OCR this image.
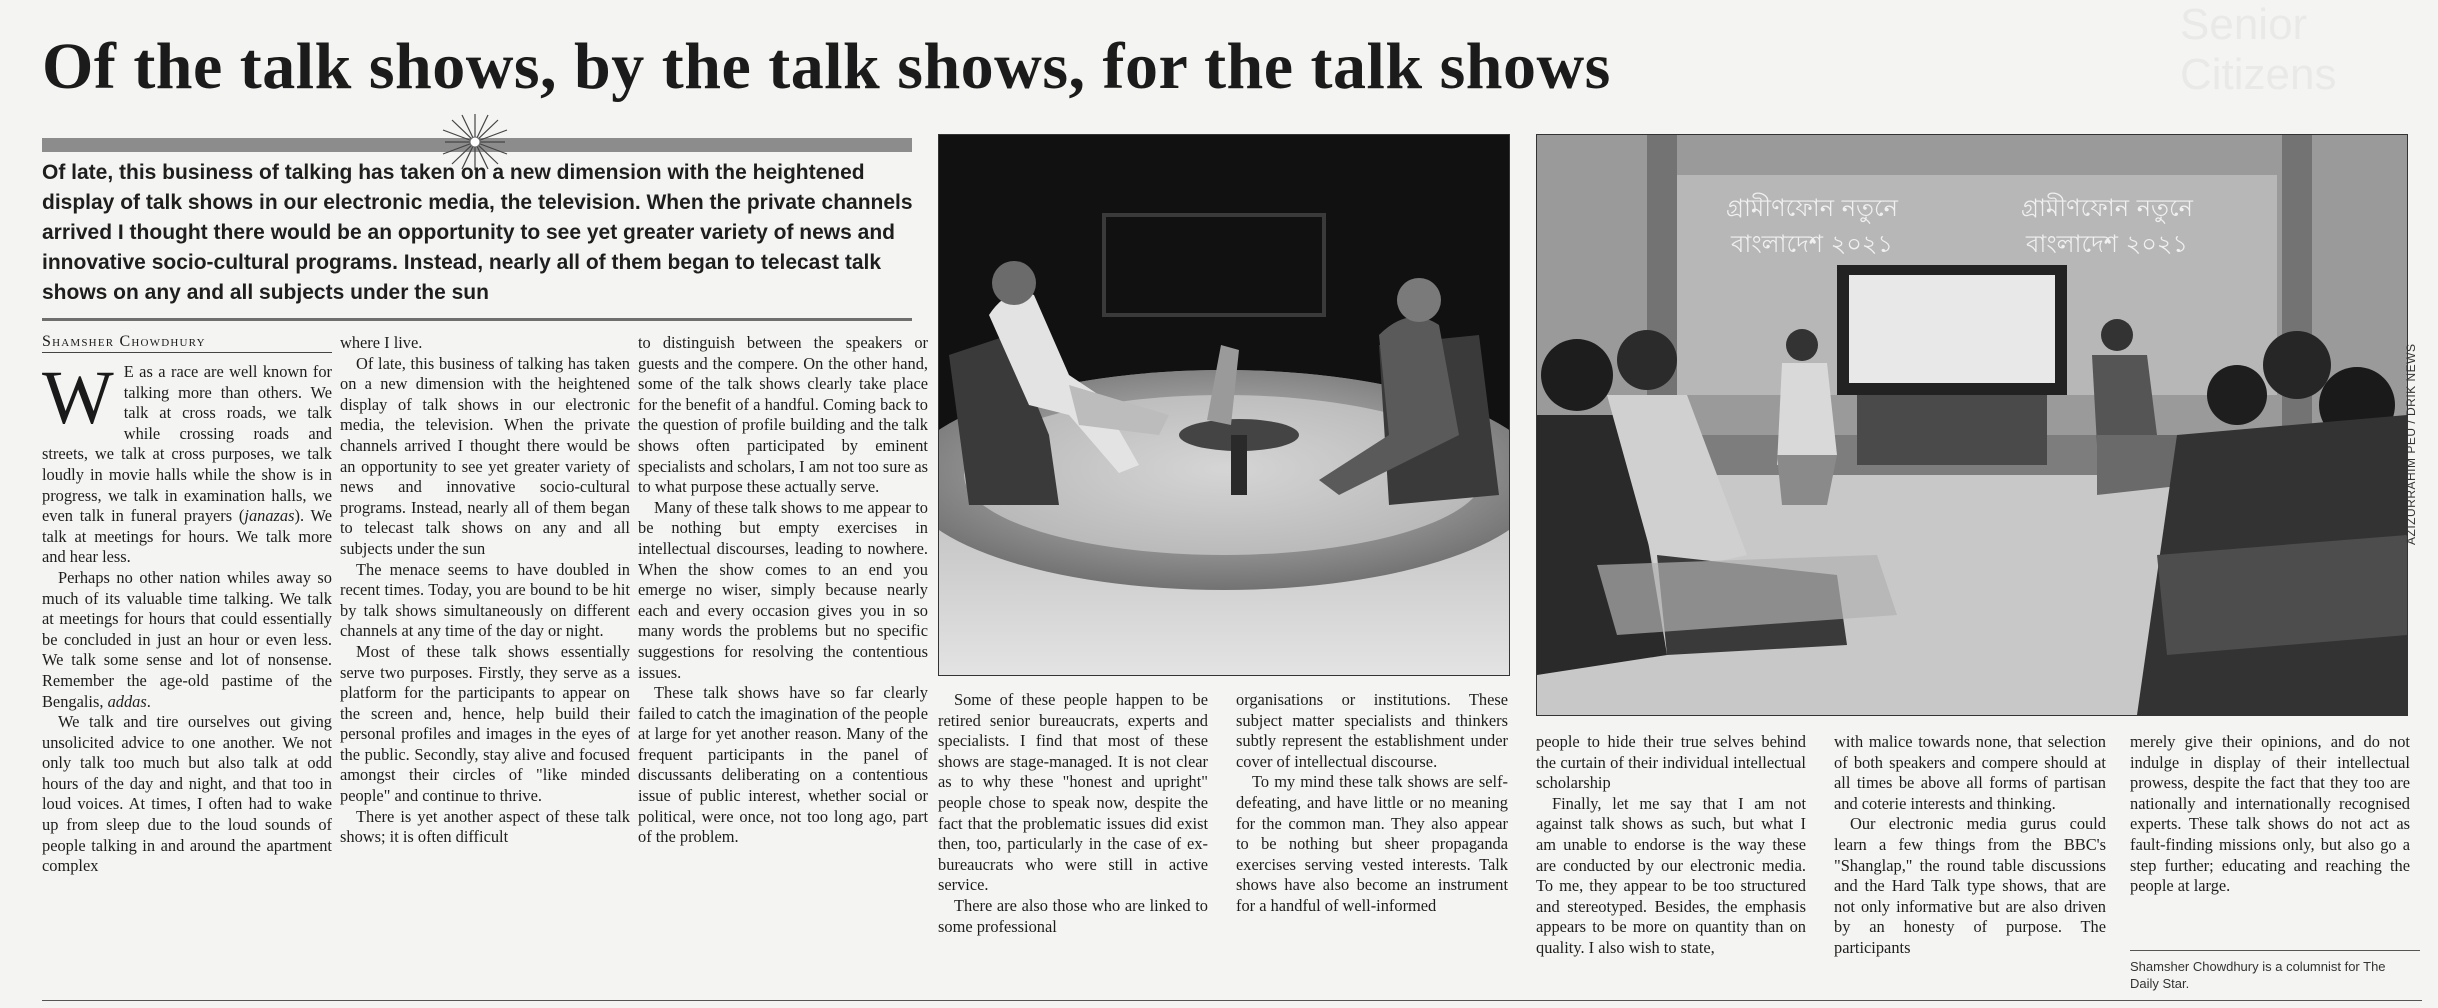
Senior Citizens
Of the talk shows, by the talk shows, for the talk shows
Of late, this business of talking has taken on a new dimension with the heightened display of talk shows in our electronic media, the television. When the private channels arrived I thought there would be an opportunity to see yet greater variety of news and innovative socio-cultural programs. Instead, nearly all of them began to telecast talk shows on any and all subjects under the sun
Shamsher Chowdhury

W E as a race are well known for talking more than others. We talk at cross roads, we talk while crossing roads and streets, we talk at cross purposes, we talk loudly in movie halls while the show is in progress, we talk in examination halls, we even talk in funeral prayers (janazas). We talk at meetings for hours. We talk more and hear less.

Perhaps no other nation whiles away so much of its valuable time talking. We talk at meetings for hours that could essentially be concluded in just an hour or even less. We talk some sense and lot of nonsense. Remember the age-old pastime of the Bengalis, addas.

We talk and tire ourselves out giving unsolicited advice to one another. We not only talk too much but also talk at odd hours of the day and night, and that too in loud voices. At times, I often had to wake up from sleep due to the loud sounds of people talking in and around the apartment complex

where I live.

Of late, this business of talking has taken on a new dimension with the heightened display of talk shows in our electronic media, the television. When the private channels arrived I thought there would be an opportunity to see yet greater variety of news and innovative socio-cultural programs. Instead, nearly all of them began to telecast talk shows on any and all subjects under the sun

The menace seems to have doubled in recent times. Today, you are bound to be hit by talk shows simultaneously on different channels at any time of the day or night.

Most of these talk shows essentially serve two purposes. Firstly, they serve as a platform for the participants to appear on the screen and, hence, help build their personal profiles and images in the eyes of the public. Secondly, stay alive and focused amongst their circles of "like minded people" and continue to thrive.

There is yet another aspect of these talk shows; it is often difficult

to distinguish between the speakers or guests and the compere. On the other hand, some of the talk shows clearly take place for the benefit of a handful. Coming back to the question of profile building and the talk shows often participated by eminent specialists and scholars, I am not too sure as to what purpose these actually serve.

Many of these talk shows to me appear to be nothing but empty exercises in intellectual discourses, leading to nowhere. When the show comes to an end you emerge no wiser, simply because nearly each and every occasion gives you in so many words the problems but no specific suggestions for resolving the contentious issues.

These talk shows have so far clearly failed to catch the imagination of the people at large for yet another reason. Many of the frequent participants in the panel of discussants deliberating on a contentious issue of public interest, whether social or political, were once, not too long ago, part of the problem.

গ্রামীণফোন নতুনে বাংলাদেশ ২০২১
গ্রামীণফোন নতুনে বাংলাদেশ ২০২১
AZIZURRAHIM PEU / DRIK NEWS

Some of these people happen to be retired senior bureaucrats, experts and specialists. I find that most of these shows are stage-managed. It is not clear as to why these "honest and upright" people chose to speak now, despite the fact that the problematic issues did exist then, too, particularly in the case of ex-bureaucrats who were still in active service.

There are also those who are linked to some professional

organisations or institutions. These subject matter specialists and thinkers subtly represent the establishment under cover of intellectual discourse.

To my mind these talk shows are self-defeating, and have little or no meaning for the common man. They also appear to be nothing but sheer propaganda exercises serving vested interests. Talk shows have also become an instrument for a handful of well-informed

people to hide their true selves behind the curtain of their individual intellectual scholarship

Finally, let me say that I am not against talk shows as such, but what I am unable to endorse is the way these are conducted by our electronic media. To me, they appear to be too structured and stereotyped. Besides, the emphasis appears to be more on quantity than on quality. I also wish to state,

with malice towards none, that selection of both speakers and compere should at all times be above all forms of partisan and coterie interests and thinking.

Our electronic media gurus could learn a few things from the BBC's "Shanglap," the round table discussions and the Hard Talk type shows, that are not only informative but are also driven by an honesty of purpose. The participants

merely give their opinions, and do not indulge in display of their intellectual prowess, despite the fact that they too are nationally and internationally recognised experts. These talk shows do not act as fault-finding missions only, but also go a step further; educating and reaching the people at large.

Shamsher Chowdhury is a columnist for The Daily Star.
